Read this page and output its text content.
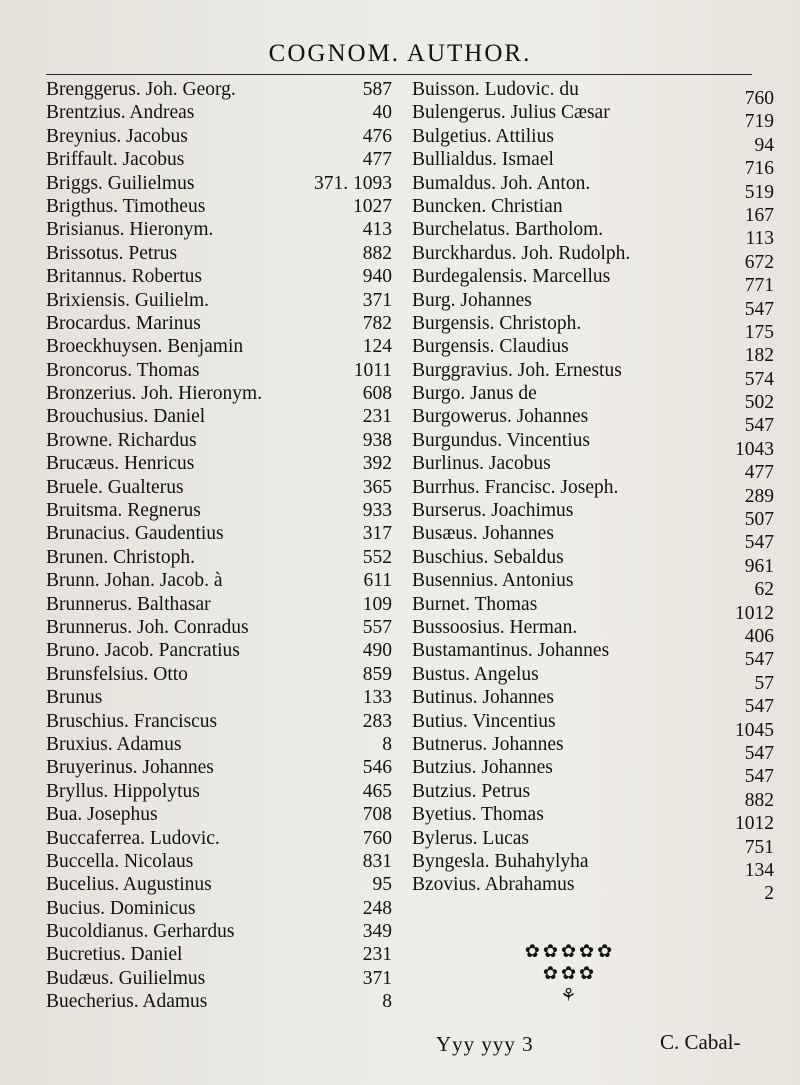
COGNOM. AUTHOR.
Brenggerus. Joh. Georg.	587
Brentzius. Andreas	40
Breynius. Jacobus	476
Briffault. Jacobus	477
Briggs. Guilielmus	371. 1093
Brigthus. Timotheus	1027
Brisianus. Hieronym.	413
Brissotus. Petrus	882
Britannus. Robertus	940
Brixiensis. Guilielm.	371
Brocardus. Marinus	782
Broeckhuysen. Benjamin	124
Broncorus. Thomas	1011
Bronzerius. Joh. Hieronym.	608
Brouchusius. Daniel	231
Browne. Richardus	938
Brucæus. Henricus	392
Bruele. Gualterus	365
Bruitsma. Regnerus	933
Brunacius. Gaudentius	317
Brunen. Christoph.	552
Brunn. Johan. Jacob. à	611
Brunnerus. Balthasar	109
Brunnerus. Joh. Conradus	557
Bruno. Jacob. Pancratius	490
Brunsfelsius. Otto	859
Brunus	133
Bruschius. Franciscus	283
Bruxius. Adamus	8
Bruyerinus. Johannes	546
Bryllus. Hippolytus	465
Bua. Josephus	708
Buccaferrea. Ludovic.	760
Buccella. Nicolaus	831
Bucelius. Augustinus	95
Bucius. Dominicus	248
Bucoldianus. Gerhardus	349
Bucretius. Daniel	231
Budæus. Guilielmus	371
Buecherius. Adamus	8
Buisson. Ludovic. du	760
Bulengerus. Julius Cæsar	719
Bulgetius. Attilius	94
Bullialdus. Ismael	716
Bumaldus. Joh. Anton.	519
Buncken. Christian	167
Burchelatus. Bartholom.	113
Burckhardus. Joh. Rudolph.	672
Burdegalensis. Marcellus	771
Burg. Johannes	547
Burgensis. Christoph.	175
Burgensis. Claudius	182
Burggravius. Joh. Ernestus	574
Burgo. Janus de	502
Burgowerus. Johannes	547
Burgundus. Vincentius	1043
Burlinus. Jacobus	477
Burrhus. Francisc. Joseph.	289
Burserus. Joachimus	507
Busæus. Johannes	547
Buschius. Sebaldus	961
Busennius. Antonius	62
Burnet. Thomas	1012
Bussoosius. Herman.	406
Bustamantinus. Johannes	547
Bustus. Angelus	57
Butinus. Johannes	547
Butius. Vincentius	1045
Butnerus. Johannes	547
Butzius. Johannes	547
Butzius. Petrus	882
Byetius. Thomas	1012
Bylerus. Lucas	751
Byngesla. Buhahylyha	134
Bzovius. Abrahamus	2
✿✿✿✿✿
✿✿✿
⚘
Yyy yyy 3	C. Cabal-
